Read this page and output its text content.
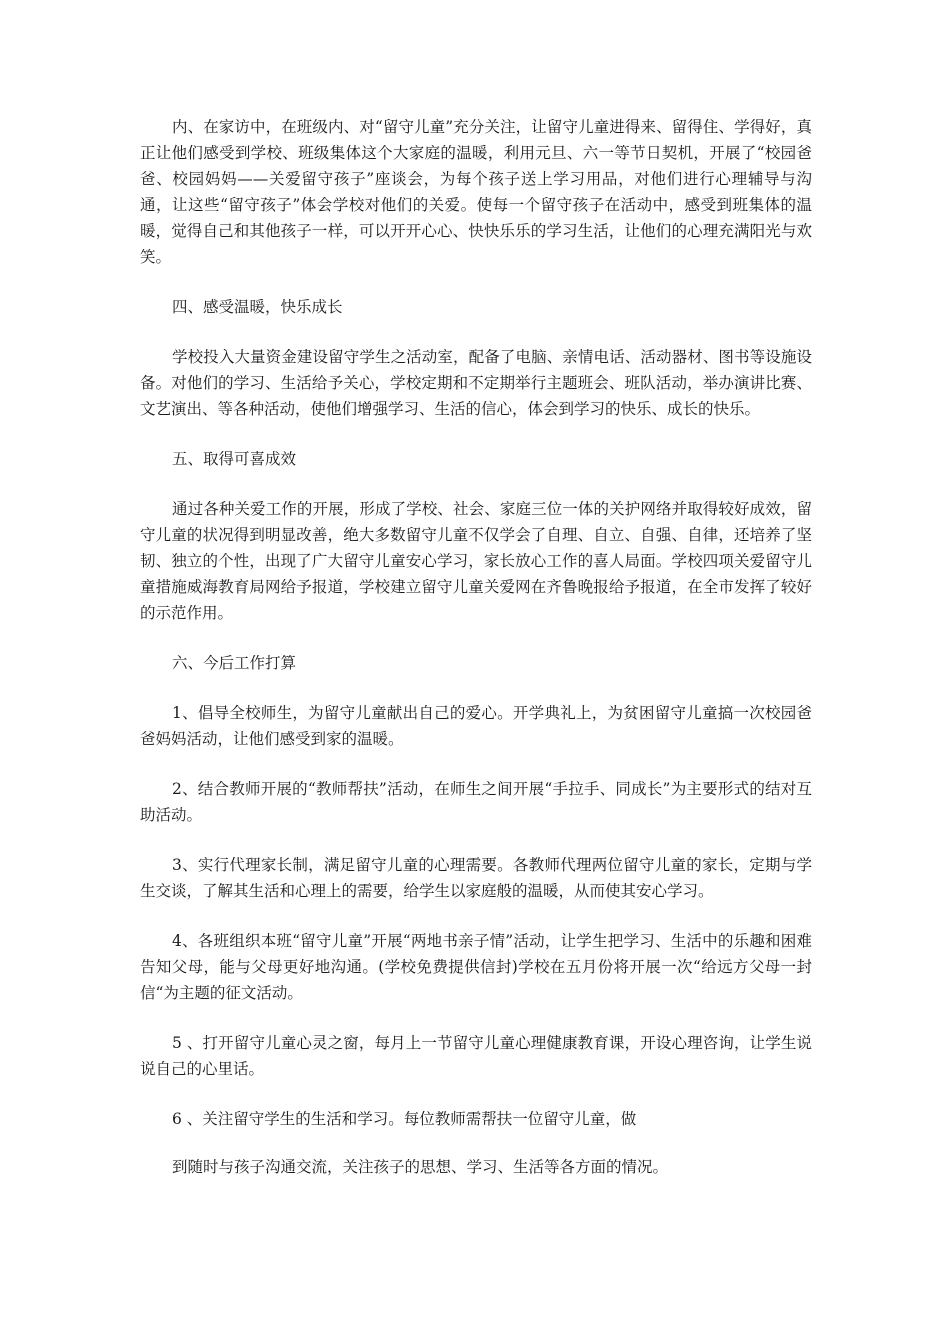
内、在家访中，在班级内、对“留守儿童”充分关注，让留守儿童进得来、留得住、学得好，真正让他们感受到学校、班级集体这个大家庭的温暖，利用元旦、六一等节日契机，开展了“校园爸爸、校园妈妈——关爱留守孩子”座谈会，为每个孩子送上学习用品，对他们进行心理辅导与沟通，让这些“留守孩子”体会学校对他们的关爱。使每一个留守孩子在活动中，感受到班集体的温暖，觉得自己和其他孩子一样，可以开开心心、快快乐乐的学习生活，让他们的心理充满阳光与欢笑。

四、感受温暖，快乐成长

学校投入大量资金建设留守学生之活动室，配备了电脑、亲情电话、活动器材、图书等设施设备。对他们的学习、生活给予关心，学校定期和不定期举行主题班会、班队活动，举办演讲比赛、文艺演出、等各种活动，使他们增强学习、生活的信心，体会到学习的快乐、成长的快乐。

五、取得可喜成效

通过各种关爱工作的开展，形成了学校、社会、家庭三位一体的关护网络并取得较好成效，留守儿童的状况得到明显改善，绝大多数留守儿童不仅学会了自理、自立、自强、自律，还培养了坚韧、独立的个性，出现了广大留守儿童安心学习，家长放心工作的喜人局面。学校四项关爱留守儿童措施威海教育局网给予报道，学校建立留守儿童关爱网在齐鲁晚报给予报道，在全市发挥了较好的示范作用。

六、今后工作打算

1、倡导全校师生，为留守儿童献出自己的爱心。开学典礼上，为贫困留守儿童搞一次校园爸爸妈妈活动，让他们感受到家的温暖。

2、结合教师开展的“教师帮扶”活动，在师生之间开展“手拉手、同成长”为主要形式的结对互助活动。

3、实行代理家长制，满足留守儿童的心理需要。各教师代理两位留守儿童的家长，定期与学生交谈，了解其生活和心理上的需要，给学生以家庭般的温暖，从而使其安心学习。

4、各班组织本班“留守儿童”开展“两地书亲子情”活动，让学生把学习、生活中的乐趣和困难告知父母，能与父母更好地沟通。(学校免费提供信封)学校在五月份将开展一次“给远方父母一封信“为主题的征文活动。

5 、打开留守儿童心灵之窗，每月上一节留守儿童心理健康教育课，开设心理咨询，让学生说说自己的心里话。

6 、关注留守学生的生活和学习。每位教师需帮扶一位留守儿童，做

到随时与孩子沟通交流，关注孩子的思想、学习、生活等各方面的情况。
